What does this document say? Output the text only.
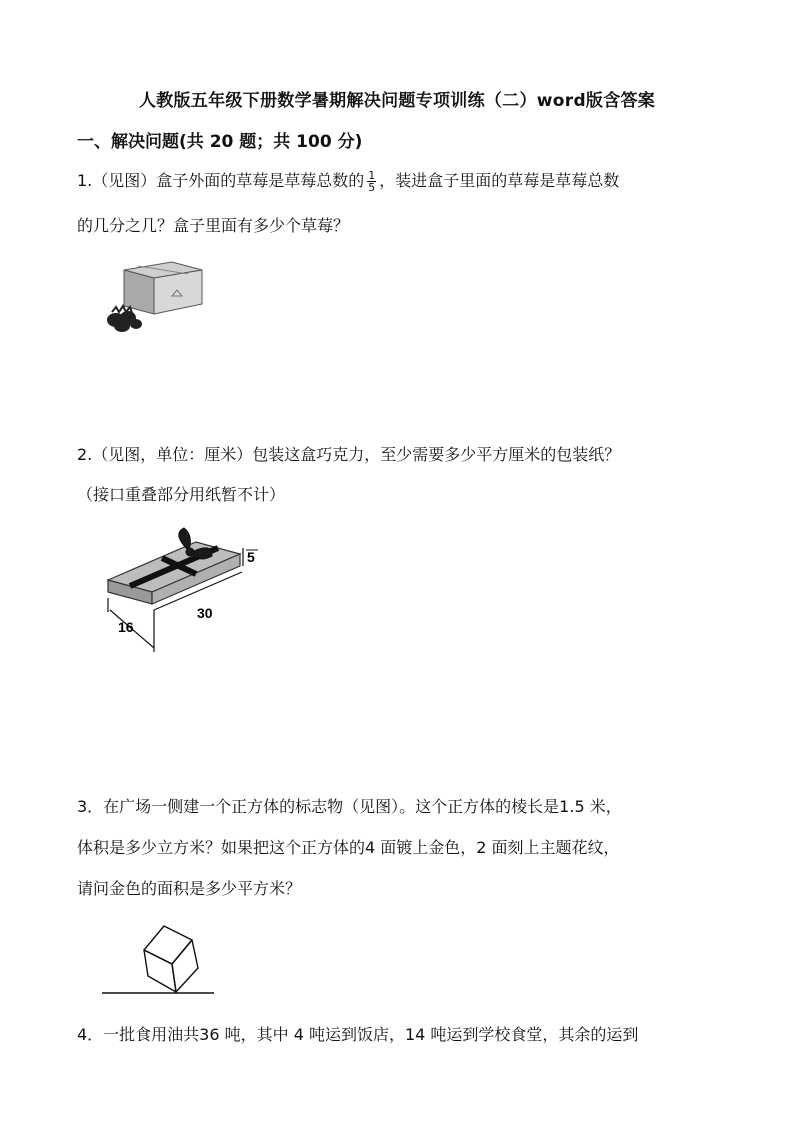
人教版五年级下册数学暑期解决问题专项训练（二）word版含答案
一、解决问题(共 20 题；共 100 分)
1.（见图）盒子外面的草莓是草莓总数的 $\frac{1}{5}$ ，装进盒子里面的草莓是草莓总数
的几分之几？盒子里面有多少个草莓？
2.（见图，单位：厘米）包装这盒巧克力，至少需要多少平方厘米的包装纸？
（接口重叠部分用纸暂不计）
5
30
16
3．在广场一侧建一个正方体的标志物（见图）。这个正方体的棱长是1.5 米，
体积是多少立方米？如果把这个正方体的4 面镀上金色，2 面刻上主题花纹，
请问金色的面积是多少平方米？
4．一批食用油共36 吨，其中 4 吨运到饭店，14 吨运到学校食堂，其余的运到
